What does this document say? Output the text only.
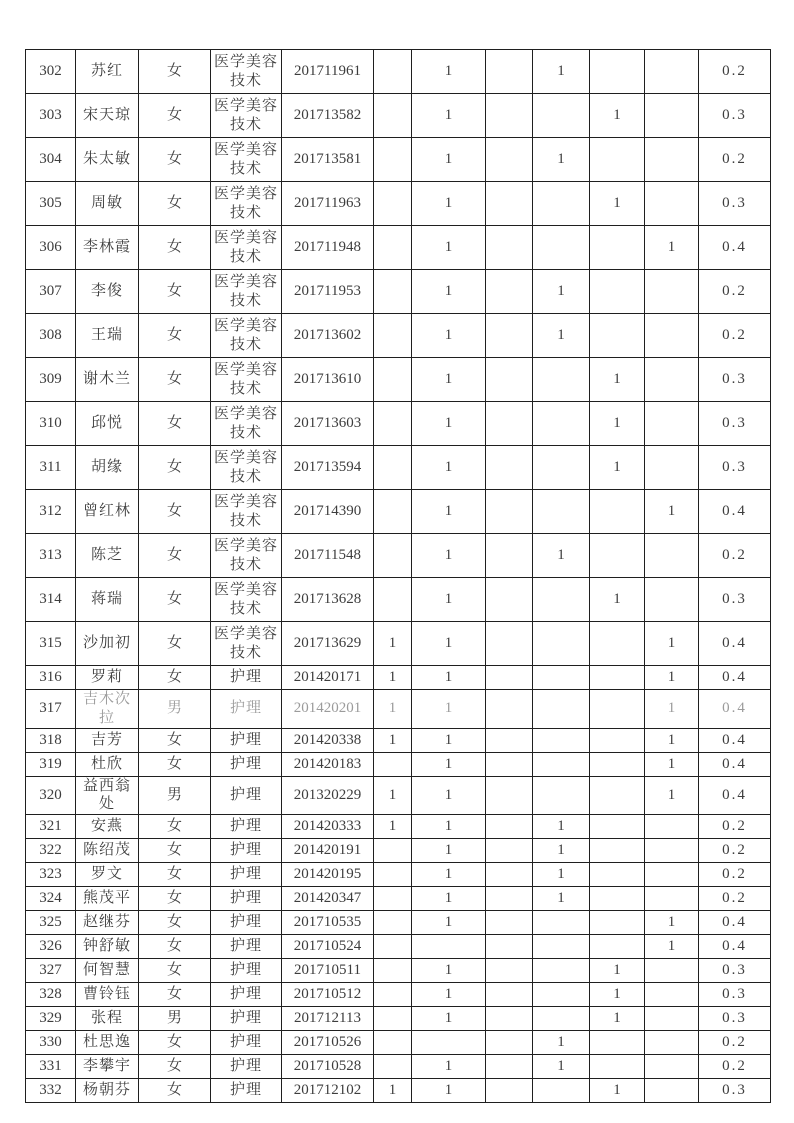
302	苏红	女	医学美容技术	201711961		1		1			0.2
303	宋天琼	女	医学美容技术	201713582		1			1		0.3
304	朱太敏	女	医学美容技术	201713581		1		1			0.2
305	周敏	女	医学美容技术	201711963		1			1		0.3
306	李林霞	女	医学美容技术	201711948		1				1	0.4
307	李俊	女	医学美容技术	201711953		1		1			0.2
308	王瑞	女	医学美容技术	201713602		1		1			0.2
309	谢木兰	女	医学美容技术	201713610		1			1		0.3
310	邱悦	女	医学美容技术	201713603		1			1		0.3
311	胡缘	女	医学美容技术	201713594		1			1		0.3
312	曾红林	女	医学美容技术	201714390		1				1	0.4
313	陈芝	女	医学美容技术	201711548		1		1			0.2
314	蒋瑞	女	医学美容技术	201713628		1			1		0.3
315	沙加初	女	医学美容技术	201713629	1	1				1	0.4
316	罗莉	女	护理	201420171	1	1				1	0.4
317	吉木次拉	男	护理	201420201	1	1				1	0.4
318	吉芳	女	护理	201420338	1	1				1	0.4
319	杜欣	女	护理	201420183		1				1	0.4
320	益西翁处	男	护理	201320229	1	1				1	0.4
321	安燕	女	护理	201420333	1	1		1			0.2
322	陈绍茂	女	护理	201420191		1		1			0.2
323	罗文	女	护理	201420195		1		1			0.2
324	熊茂平	女	护理	201420347		1		1			0.2
325	赵继芬	女	护理	201710535		1				1	0.4
326	钟舒敏	女	护理	201710524						1	0.4
327	何智慧	女	护理	201710511		1			1		0.3
328	曹铃钰	女	护理	201710512		1			1		0.3
329	张程	男	护理	201712113		1			1		0.3
330	杜思逸	女	护理	201710526				1			0.2
331	李攀宇	女	护理	201710528		1		1			0.2
332	杨朝芬	女	护理	201712102	1	1			1		0.3
